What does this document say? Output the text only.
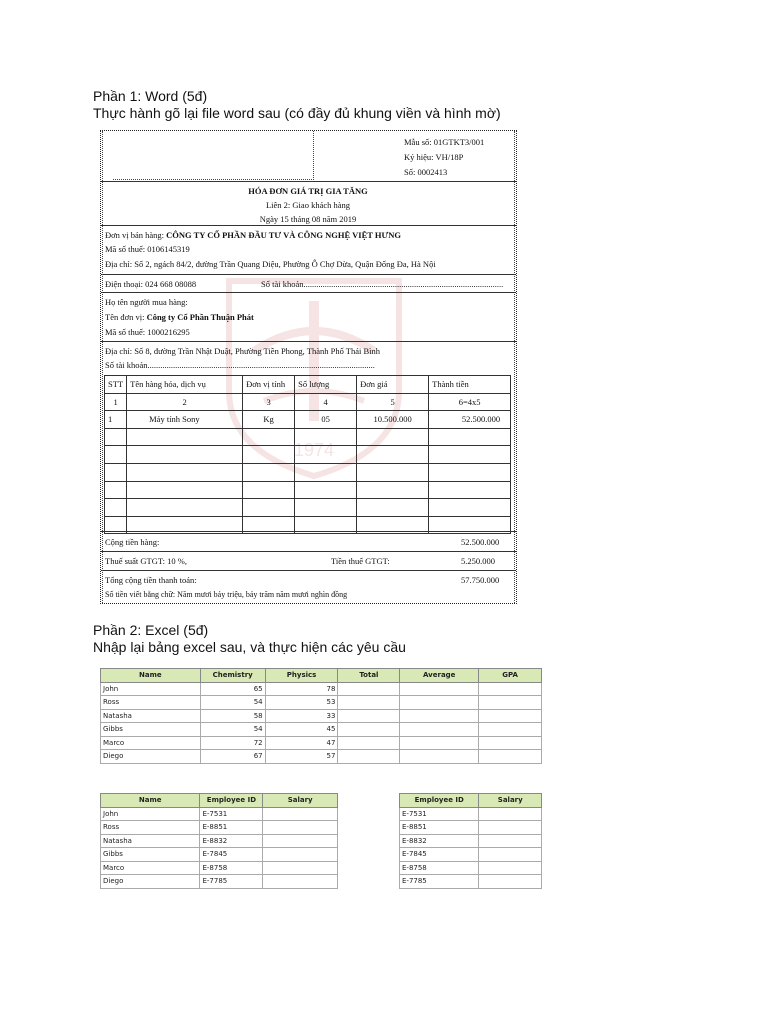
Phần 1: Word (5đ)
Thực hành gõ lại file word sau (có đầy đủ khung viền và hình mờ)
1974
Mẫu số: 01GTKT3/001
Ký hiệu: VH/18P
Số: 0002413
HÓA ĐƠN GIÁ TRỊ GIA TĂNG
Liên 2: Giao khách hàng
Ngày 15 tháng 08 năm 2019
Đơn vị bán hàng: CÔNG TY CỔ PHẦN ĐẦU TƯ VÀ CÔNG NGHỆ VIỆT HƯNG
Mã số thuế: 0106145319
Địa chỉ: Số 2, ngách 84/2, đường Trần Quang Diệu, Phường Ô Chợ Dừa, Quận Đống Đa, Hà Nội
Điện thoại: 024 668 08088	Số tài khoản..............................................................................................
Họ tên người mua hàng:
Tên đơn vị: Công ty Cổ Phần Thuận Phát
Mã số thuế: 1000216295
Địa chỉ: Số 8, đường Trần Nhật Duật, Phường Tiền Phong, Thành Phố Thái Bình
Số tài khoản...........................................................................................................
STT	Tên hàng hóa, dịch vụ	Đơn vị tính	Số lượng	Đơn giá	Thành tiền
1	2	3	4	5	6=4x5
1	Máy tính Sony	Kg	05	10.500.000	52.500.000

Cộng tiền hàng:	52.500.000
Thuế suất GTGT: 10 %,	Tiền thuế GTGT:	5.250.000
Tổng cộng tiền thanh toán:	57.750.000
Số tiền viết bằng chữ: Năm mươi bảy triệu, bảy trăm năm mươi nghìn đồng
Phần 2: Excel (5đ)
Nhập lại bảng excel sau, và thực hiện các yêu cầu
Name	Chemistry	Physics	Total	Average	GPA
John	65	78			
Ross	54	53			
Natasha	58	33			
Gibbs	54	45			
Marco	72	47			
Diego	67	57			
Name	Employee ID	Salary
John	E-7531	
Ross	E-8851	
Natasha	E-8832	
Gibbs	E-7845	
Marco	E-8758	
Diego	E-7785	
Employee ID	Salary
E-7531	
E-8851	
E-8832	
E-7845	
E-8758	
E-7785	
